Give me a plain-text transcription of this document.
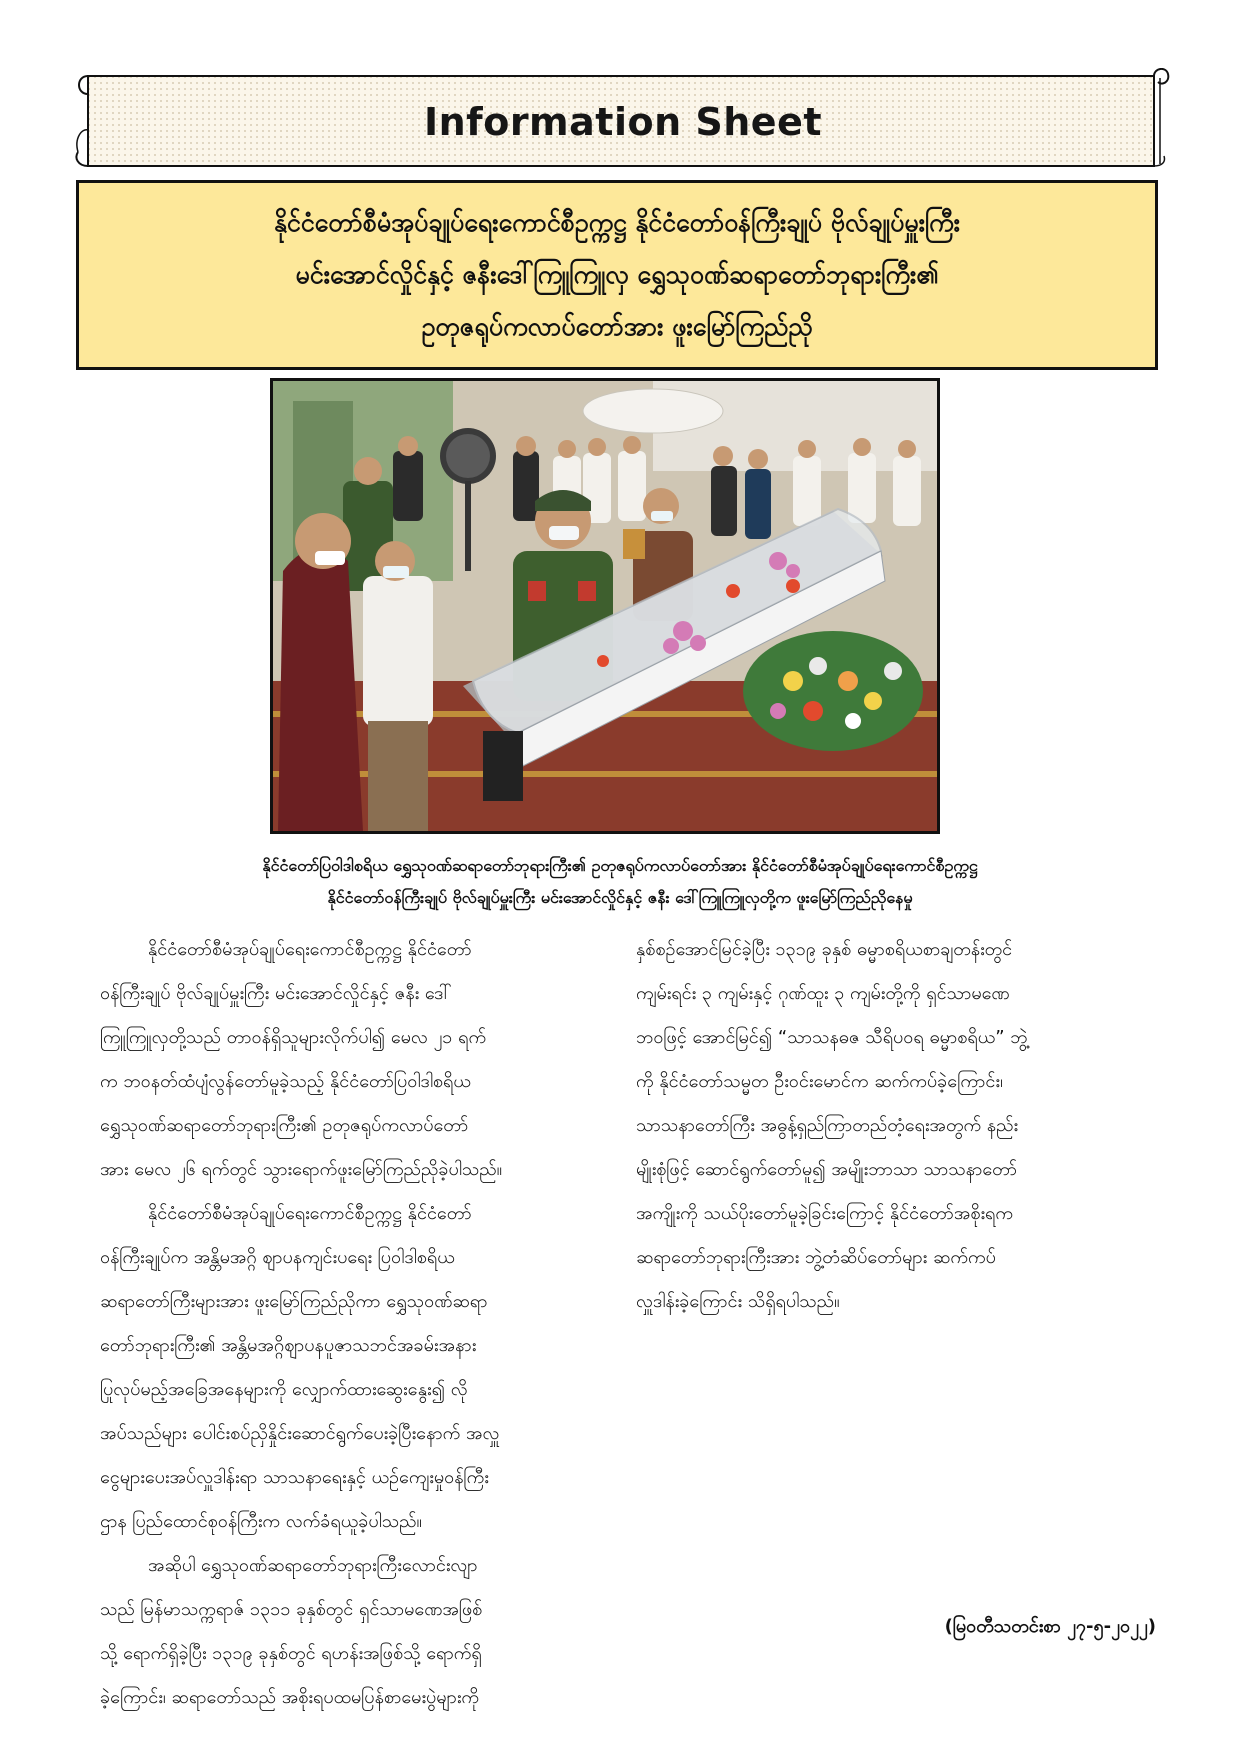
Information Sheet
နိုင်ငံတော်စီမံအုပ်ချုပ်ရေးကောင်စီဥက္ကဋ္ဌ နိုင်ငံတော်ဝန်ကြီးချုပ် ဗိုလ်ချုပ်မှူးကြီး
မင်းအောင်လှိုင်နှင့် ဇနီးဒေါ်ကြူကြူလှ ရွှေသုဝဏ်ဆရာတော်ဘုရားကြီး၏
ဥတုဇရုပ်ကလာပ်တော်အား ဖူးမြော်ကြည်ညို
နိုင်ငံတော်ပြဝါဒါစရိယ ရွှေသုဝဏ်ဆရာတော်ဘုရားကြီး၏ ဥတုဇရုပ်ကလာပ်တော်အား နိုင်ငံတော်စီမံအုပ်ချုပ်ရေးကောင်စီဥက္ကဋ္ဌ
နိုင်ငံတော်ဝန်ကြီးချုပ် ဗိုလ်ချုပ်မှူးကြီး မင်းအောင်လှိုင်နှင့် ဇနီး ဒေါ်ကြူကြူလှတို့က ဖူးမြော်ကြည်ညိုနေမှု
နိုင်ငံတော်စီမံအုပ်ချုပ်ရေးကောင်စီဥက္ကဋ္ဌ နိုင်ငံတော်
ဝန်ကြီးချုပ် ဗိုလ်ချုပ်မှူးကြီး မင်းအောင်လှိုင်နှင့် ဇနီး ဒေါ်
ကြူကြူလှတို့သည် တာဝန်ရှိသူများလိုက်ပါ၍ မေလ ၂၁ ရက်
က ဘဝနတ်ထံပျံလွန်တော်မူခဲ့သည့် နိုင်ငံတော်ပြဝါဒါစရိယ
ရွှေသုဝဏ်ဆရာတော်ဘုရားကြီး၏ ဥတုဇရုပ်ကလာပ်တော်
အား မေလ ၂၆ ရက်တွင် သွားရောက်ဖူးမြော်ကြည်ညိုခဲ့ပါသည်။
နိုင်ငံတော်စီမံအုပ်ချုပ်ရေးကောင်စီဥက္ကဋ္ဌ နိုင်ငံတော်
ဝန်ကြီးချုပ်က အန္တိမအဂ္ဂိ ဈာပနကျင်းပရေး ပြဝါဒါစရိယ
ဆရာတော်ကြီးများအား ဖူးမြော်ကြည်ညိုကာ ရွှေသုဝဏ်ဆရာ
တော်ဘုရားကြီး၏ အန္တိမအဂ္ဂိဈာပနပူဇာသဘင်အခမ်းအနား
ပြုလုပ်မည့်အခြေအနေများကို လျှောက်ထားဆွေးနွေး၍ လို
အပ်သည်များ ပေါင်းစပ်ညှိနှိုင်းဆောင်ရွက်ပေးခဲ့ပြီးနောက် အလှူ
ငွေများပေးအပ်လှူဒါန်းရာ သာသနာရေးနှင့် ယဉ်ကျေးမှုဝန်ကြီး
ဌာန ပြည်ထောင်စုဝန်ကြီးက လက်ခံရယူခဲ့ပါသည်။
အဆိုပါ ရွှေသုဝဏ်ဆရာတော်ဘုရားကြီးလောင်းလျာ
သည် မြန်မာသက္ကရာဇ် ၁၃၁၁ ခုနှစ်တွင် ရှင်သာမဏေအဖြစ်
သို့ ရောက်ရှိခဲ့ပြီး ၁၃၁၉ ခုနှစ်တွင် ရဟန်းအဖြစ်သို့ ရောက်ရှိ
ခဲ့ကြောင်း၊ ဆရာတော်သည် အစိုးရပထမပြန်စာမေးပွဲများကို
နှစ်စဉ်အောင်မြင်ခဲ့ပြီး ၁၃၁၉ ခုနှစ် ဓမ္မာစရိယစာချတန်းတွင်
ကျမ်းရင်း ၃ ကျမ်းနှင့် ဂုဏ်ထူး ၃ ကျမ်းတို့ကို ရှင်သာမဏေ
ဘဝဖြင့် အောင်မြင်၍ “သာသနဓဇ သီရိပဝရ ဓမ္မာစရိယ” ဘွဲ့
ကို နိုင်ငံတော်သမ္မတ ဦးဝင်းမောင်က ဆက်ကပ်ခဲ့ကြောင်း၊
သာသနာတော်ကြီး အဓွန့်ရှည်ကြာတည်တံ့ရေးအတွက် နည်း
မျိုးစုံဖြင့် ဆောင်ရွက်တော်မူ၍ အမျိုးဘာသာ သာသနာတော်
အကျိုးကို သယ်ပိုးတော်မူခဲ့ခြင်းကြောင့် နိုင်ငံတော်အစိုးရက
ဆရာတော်ဘုရားကြီးအား ဘွဲ့တံဆိပ်တော်များ ဆက်ကပ်
လှူဒါန်းခဲ့ကြောင်း သိရှိရပါသည်။
(မြဝတီသတင်းစာ ၂၇-၅-၂၀၂၂)
